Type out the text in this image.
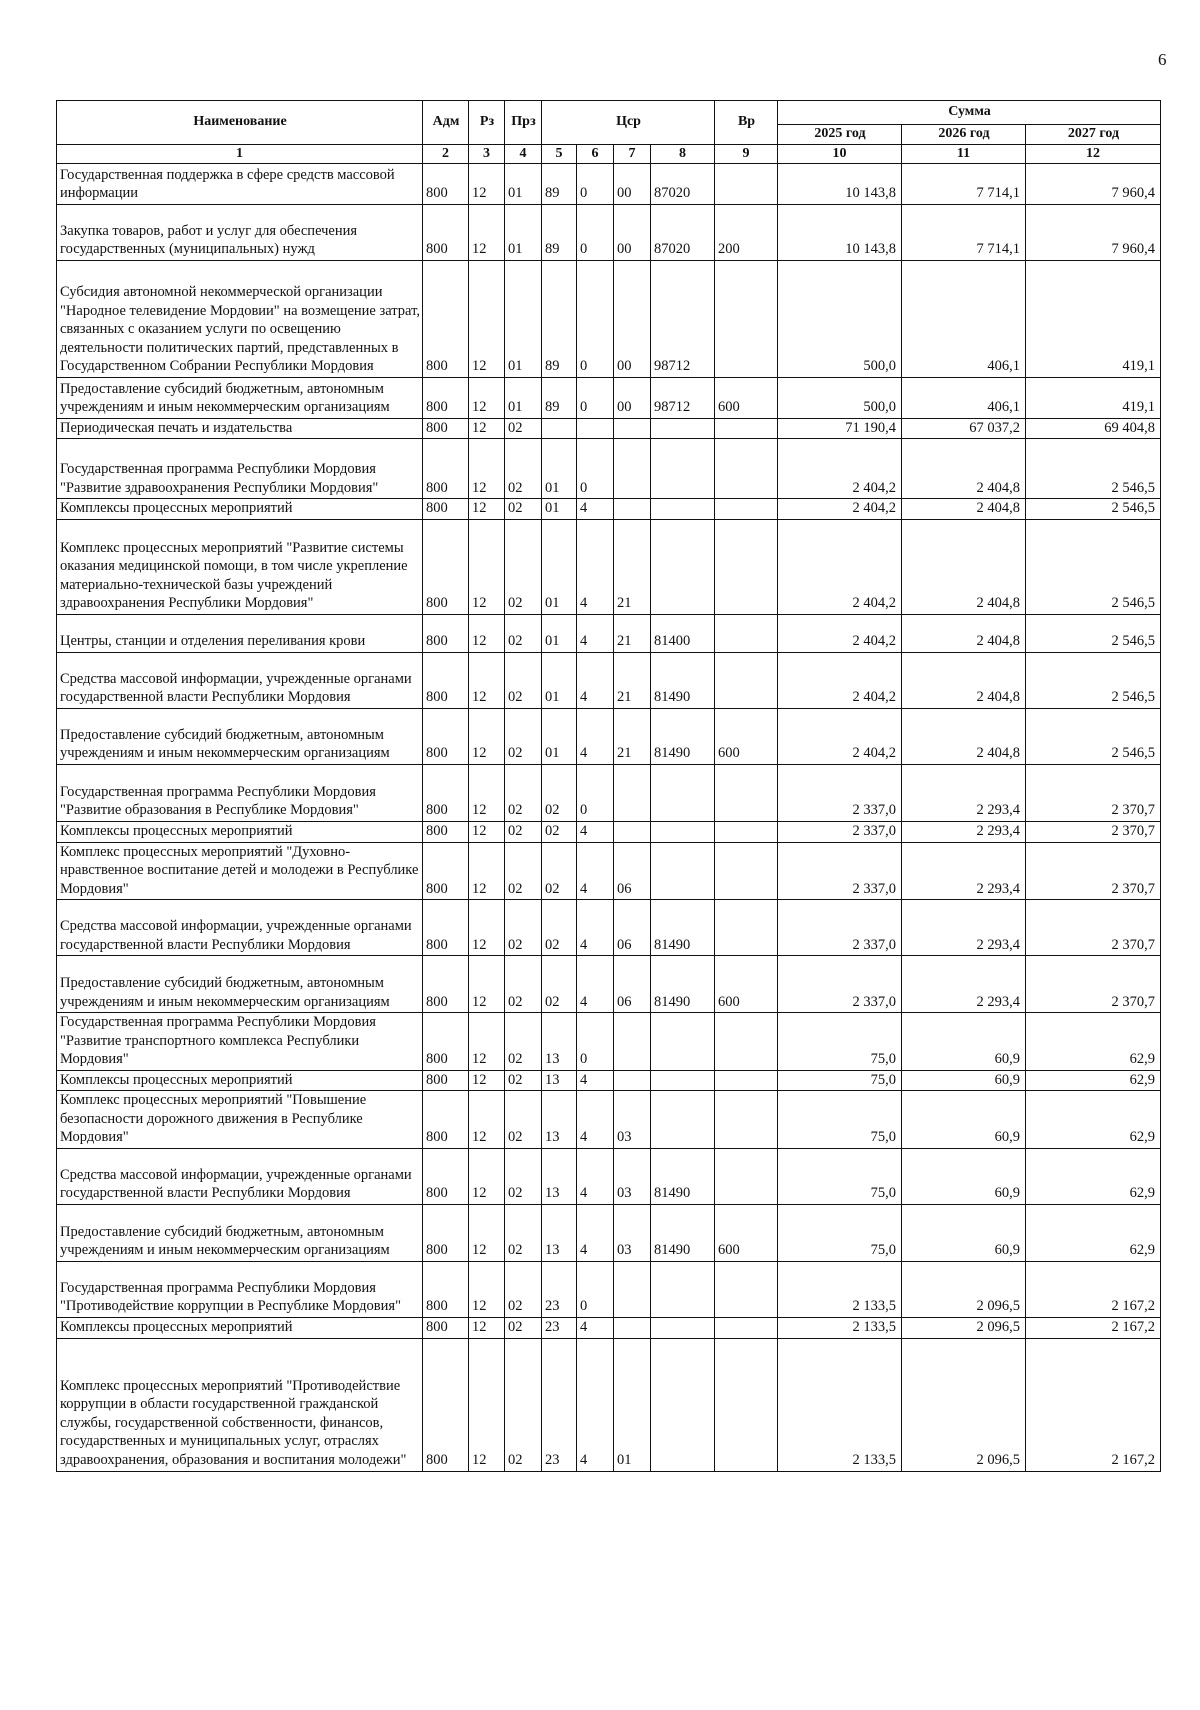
6
Наименование	Адм	Рз	Прз	Цср				Вр	Сумма		
									2025 год	2026 год	2027 год
1	2	3	4	5	6	7	8	9	10	11	12
Государственная поддержка в сфере средств массовой информации	800	12	01	89	0	00	87020		10 143,8	7 714,1	7 960,4
Закупка товаров, работ и услуг для обеспечения государственных (муниципальных) нужд	800	12	01	89	0	00	87020	200	10 143,8	7 714,1	7 960,4
Субсидия автономной некоммерческой организации "Народное телевидение Мордовии" на возмещение затрат, связанных с оказанием услуги по освещению деятельности политических партий, представленных в Государственном Собрании Республики Мордовия	800	12	01	89	0	00	98712		500,0	406,1	419,1
Предоставление субсидий бюджетным, автономным учреждениям и иным некоммерческим организациям	800	12	01	89	0	00	98712	600	500,0	406,1	419,1
Периодическая печать и издательства	800	12	02						71 190,4	67 037,2	69 404,8
Государственная программа Республики Мордовия "Развитие здравоохранения Республики Мордовия"	800	12	02	01	0				2 404,2	2 404,8	2 546,5
Комплексы процессных мероприятий	800	12	02	01	4				2 404,2	2 404,8	2 546,5
Комплекс процессных мероприятий "Развитие системы оказания медицинской помощи, в том числе укрепление материально-технической базы учреждений здравоохранения Республики Мордовия"	800	12	02	01	4	21			2 404,2	2 404,8	2 546,5
Центры, станции и отделения переливания крови	800	12	02	01	4	21	81400		2 404,2	2 404,8	2 546,5
Средства массовой информации, учрежденные органами государственной власти Республики Мордовия	800	12	02	01	4	21	81490		2 404,2	2 404,8	2 546,5
Предоставление субсидий бюджетным, автономным учреждениям и иным некоммерческим организациям	800	12	02	01	4	21	81490	600	2 404,2	2 404,8	2 546,5
Государственная программа Республики Мордовия "Развитие образования в Республике Мордовия"	800	12	02	02	0				2 337,0	2 293,4	2 370,7
Комплексы процессных мероприятий	800	12	02	02	4				2 337,0	2 293,4	2 370,7
Комплекс процессных мероприятий "Духовно-нравственное воспитание детей и молодежи в Республике Мордовия"	800	12	02	02	4	06			2 337,0	2 293,4	2 370,7
Средства массовой информации, учрежденные органами государственной власти Республики Мордовия	800	12	02	02	4	06	81490		2 337,0	2 293,4	2 370,7
Предоставление субсидий бюджетным, автономным учреждениям и иным некоммерческим организациям	800	12	02	02	4	06	81490	600	2 337,0	2 293,4	2 370,7
Государственная программа Республики Мордовия "Развитие транспортного комплекса Республики Мордовия"	800	12	02	13	0				75,0	60,9	62,9
Комплексы процессных мероприятий	800	12	02	13	4				75,0	60,9	62,9
Комплекс процессных мероприятий "Повышение безопасности дорожного движения в Республике Мордовия"	800	12	02	13	4	03			75,0	60,9	62,9
Средства массовой информации, учрежденные органами государственной власти Республики Мордовия	800	12	02	13	4	03	81490		75,0	60,9	62,9
Предоставление субсидий бюджетным, автономным учреждениям и иным некоммерческим организациям	800	12	02	13	4	03	81490	600	75,0	60,9	62,9
Государственная программа Республики Мордовия "Противодействие коррупции в Республике Мордовия"	800	12	02	23	0				2 133,5	2 096,5	2 167,2
Комплексы процессных мероприятий	800	12	02	23	4				2 133,5	2 096,5	2 167,2
Комплекс процессных мероприятий "Противодействие коррупции в области государственной гражданской службы, государственной собственности, финансов, государственных и муниципальных услуг, отраслях здравоохранения, образования и воспитания молодежи"	800	12	02	23	4	01			2 133,5	2 096,5	2 167,2
